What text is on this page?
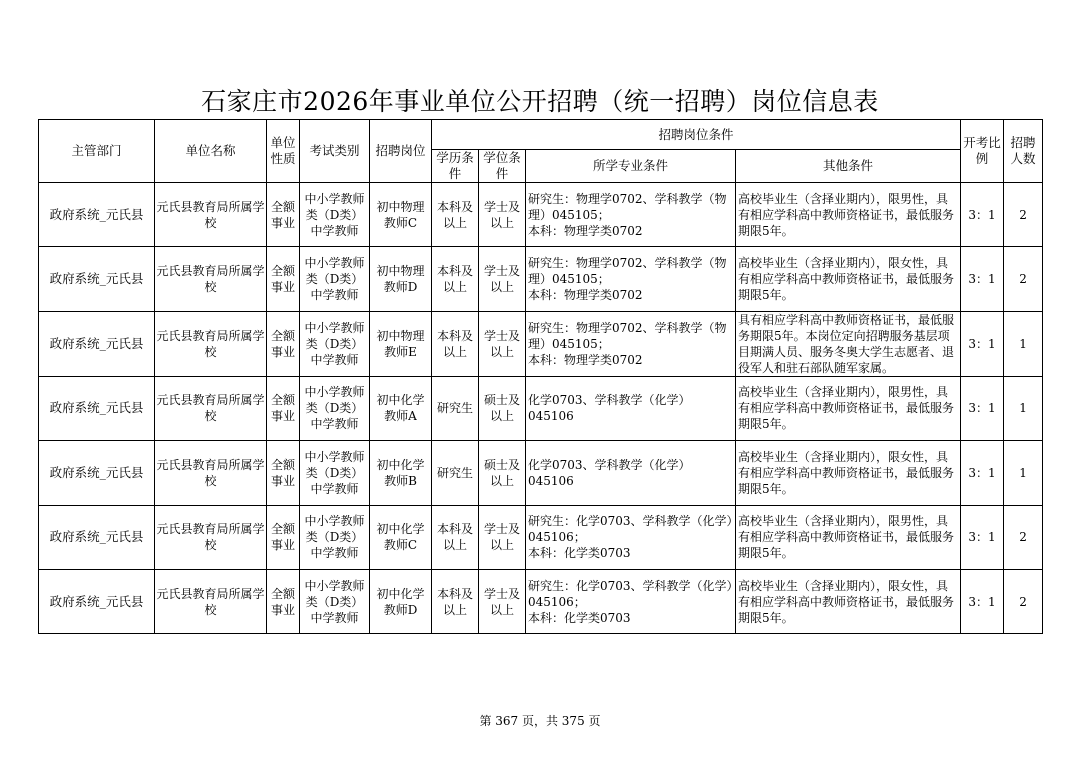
石家庄市2026年事业单位公开招聘（统一招聘）岗位信息表
主管部门	单位名称	单位性质	考试类别	招聘岗位	招聘岗位条件				开考比例	招聘人数
					学历条件	学位条件	所学专业条件	其他条件		
政府系统_元氏县	元氏县教育局所属学校	全额事业	中小学教师类（D类）中学教师	初中物理教师C	本科及以上	学士及以上	研究生：物理学0702、学科教学（物理）045105；
本科：物理学类0702	高校毕业生（含择业期内），限男性，具有相应学科高中教师资格证书，最低服务期限5年。	3：1	2
政府系统_元氏县	元氏县教育局所属学校	全额事业	中小学教师类（D类）中学教师	初中物理教师D	本科及以上	学士及以上	研究生：物理学0702、学科教学（物理）045105；
本科：物理学类0702	高校毕业生（含择业期内），限女性，具有相应学科高中教师资格证书，最低服务期限5年。	3：1	2
政府系统_元氏县	元氏县教育局所属学校	全额事业	中小学教师类（D类）中学教师	初中物理教师E	本科及以上	学士及以上	研究生：物理学0702、学科教学（物理）045105；
本科：物理学类0702	具有相应学科高中教师资格证书，最低服务期限5年。本岗位定向招聘服务基层项目期满人员、服务冬奥大学生志愿者、退役军人和驻石部队随军家属。	3：1	1
政府系统_元氏县	元氏县教育局所属学校	全额事业	中小学教师类（D类）中学教师	初中化学教师A	研究生	硕士及以上	化学0703、学科教学（化学）045106	高校毕业生（含择业期内），限男性，具有相应学科高中教师资格证书，最低服务期限5年。	3：1	1
政府系统_元氏县	元氏县教育局所属学校	全额事业	中小学教师类（D类）中学教师	初中化学教师B	研究生	硕士及以上	化学0703、学科教学（化学）045106	高校毕业生（含择业期内），限女性，具有相应学科高中教师资格证书，最低服务期限5年。	3：1	1
政府系统_元氏县	元氏县教育局所属学校	全额事业	中小学教师类（D类）中学教师	初中化学教师C	本科及以上	学士及以上	研究生：化学0703、学科教学（化学）045106；
本科：化学类0703	高校毕业生（含择业期内），限男性，具有相应学科高中教师资格证书，最低服务期限5年。	3：1	2
政府系统_元氏县	元氏县教育局所属学校	全额事业	中小学教师类（D类）中学教师	初中化学教师D	本科及以上	学士及以上	研究生：化学0703、学科教学（化学）045106；
本科：化学类0703	高校毕业生（含择业期内），限女性，具有相应学科高中教师资格证书，最低服务期限5年。	3：1	2
第 367 页，共 375 页
